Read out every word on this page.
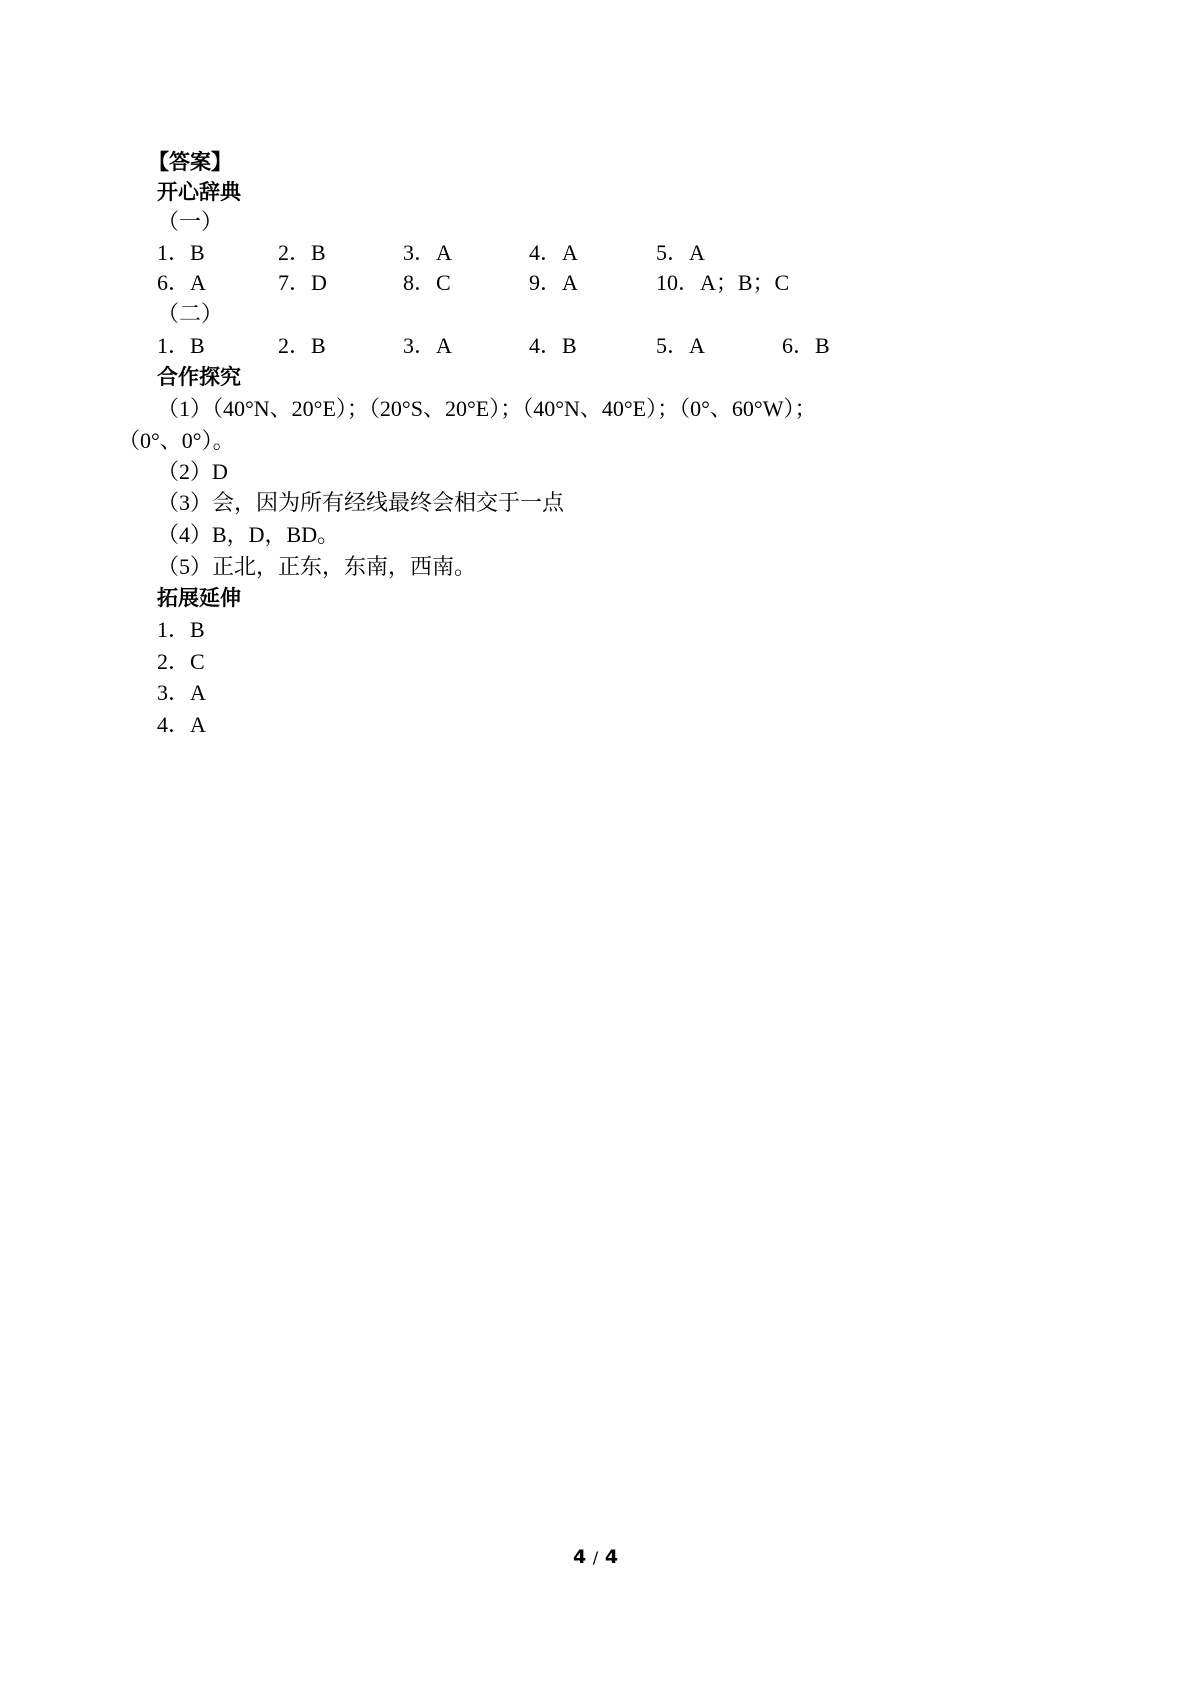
【答案】
开心辞典
（一）
1．B	2．B	3．A	4．A	5．A
6．A	7．D	8．C	9．A	10．A；B；C
（二）
1．B	2．B	3．A	4．B	5．A	6．B
合作探究
（1）（40°N、20°E）；（20°S、20°E）；（40°N、40°E）；（0°、60°W）；
（0°、0°）。
（2）D
（3）会，因为所有经线最终会相交于一点
（4）B，D，BD。
（5）正北，正东，东南，西南。
拓展延伸
1．B
2．C
3．A
4．A
4 / 4
